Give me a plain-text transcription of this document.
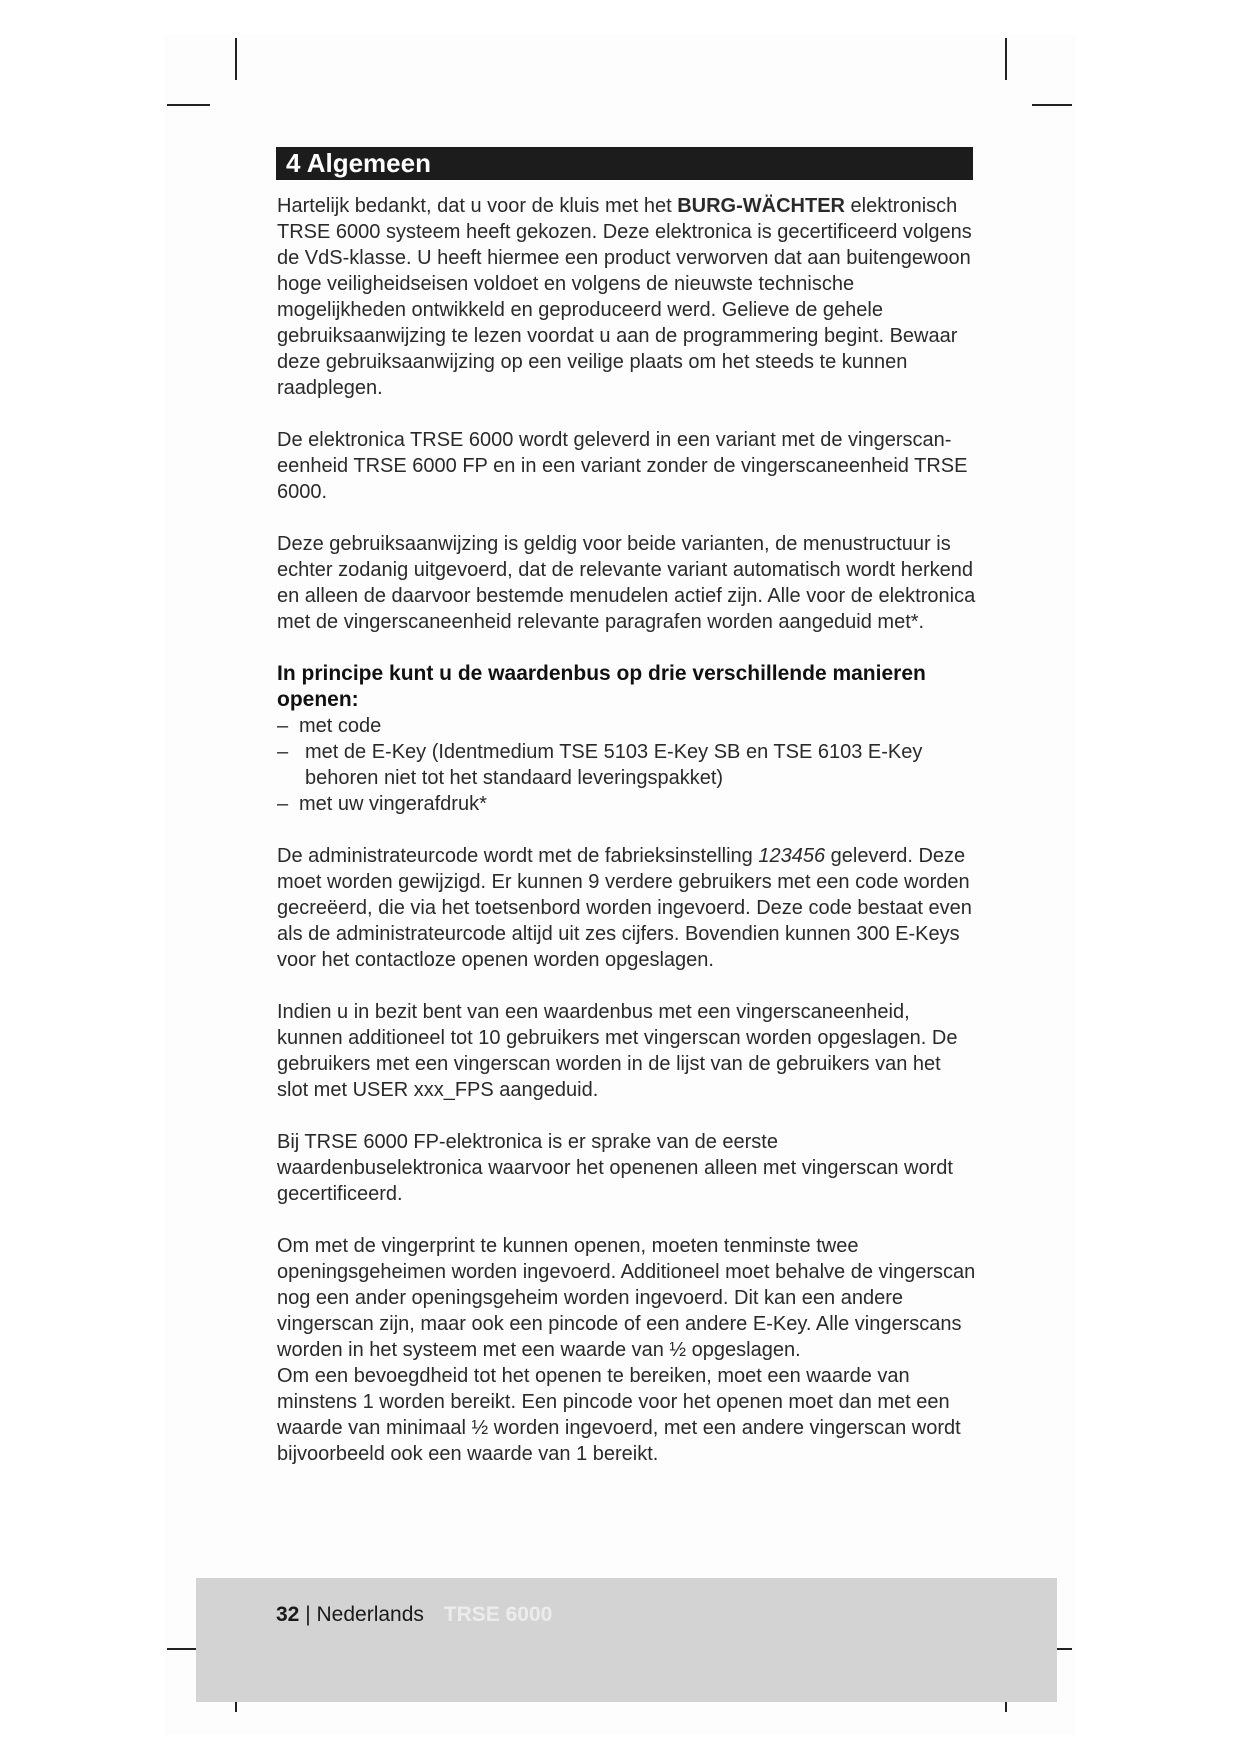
4 Algemeen

Hartelijk bedankt, dat u voor de kluis met het BURG-WÄCHTER elektronisch TRSE 6000 systeem heeft gekozen. Deze elektronica is gecertificeerd volgens de VdS-klasse. U heeft hiermee een product verworven dat aan buitengewoon hoge veiligheidseisen voldoet en volgens de nieuwste technische mogelijkheden ontwikkeld en geproduceerd werd. Gelieve de gehele gebruiksaanwijzing te lezen voordat u aan de programmering begint. Bewaar deze gebruiksaanwijzing op een veilige plaats om het steeds te kunnen raadplegen.

De elektronica TRSE 6000 wordt geleverd in een variant met de vingerscan-eenheid TRSE 6000 FP en in een variant zonder de vingerscaneenheid TRSE 6000.

Deze gebruiksaanwijzing is geldig voor beide varianten, de menustructuur is echter zodanig uitgevoerd, dat de relevante variant automatisch wordt herkend en alleen de daarvoor bestemde menudelen actief zijn. Alle voor de elektronica met de vingerscaneenheid relevante paragrafen worden aangeduid met*.

In principe kunt u de waardenbus op drie verschillende manieren openen:

– met code
– met de E-Key (Identmedium TSE 5103 E-Key SB en TSE 6103 E-Key behoren niet tot het standaard leveringspakket)
– met uw vingerafdruk*

De administrateurcode wordt met de fabrieksinstelling 123456 geleverd. Deze moet worden gewijzigd. Er kunnen 9 verdere gebruikers met een code worden gecreëerd, die via het toetsenbord worden ingevoerd. Deze code bestaat even als de administrateurcode altijd uit zes cijfers. Bovendien kunnen 300 E-Keys voor het contactloze openen worden opgeslagen.

Indien u in bezit bent van een waardenbus met een vingerscaneenheid, kunnen additioneel tot 10 gebruikers met vingerscan worden opgeslagen. De gebruikers met een vingerscan worden in de lijst van de gebruikers van het slot met USER xxx_FPS aangeduid.

Bij TRSE 6000 FP-elektronica is er sprake van de eerste waardenbuselektronica waarvoor het openenen alleen met vingerscan wordt gecertificeerd.

Om met de vingerprint te kunnen openen, moeten tenminste twee openingsgeheimen worden ingevoerd. Additioneel moet behalve de vingerscan nog een ander openingsgeheim worden ingevoerd. Dit kan een andere vingerscan zijn, maar ook een pincode of een andere E-Key. Alle vingerscans worden in het systeem met een waarde van ½ opgeslagen.

Om een bevoegdheid tot het openen te bereiken, moet een waarde van minstens 1 worden bereikt. Een pincode voor het openen moet dan met een waarde van minimaal ½ worden ingevoerd, met een andere vingerscan wordt bijvoorbeeld ook een waarde van 1 bereikt.

32 | Nederlands TRSE 6000
